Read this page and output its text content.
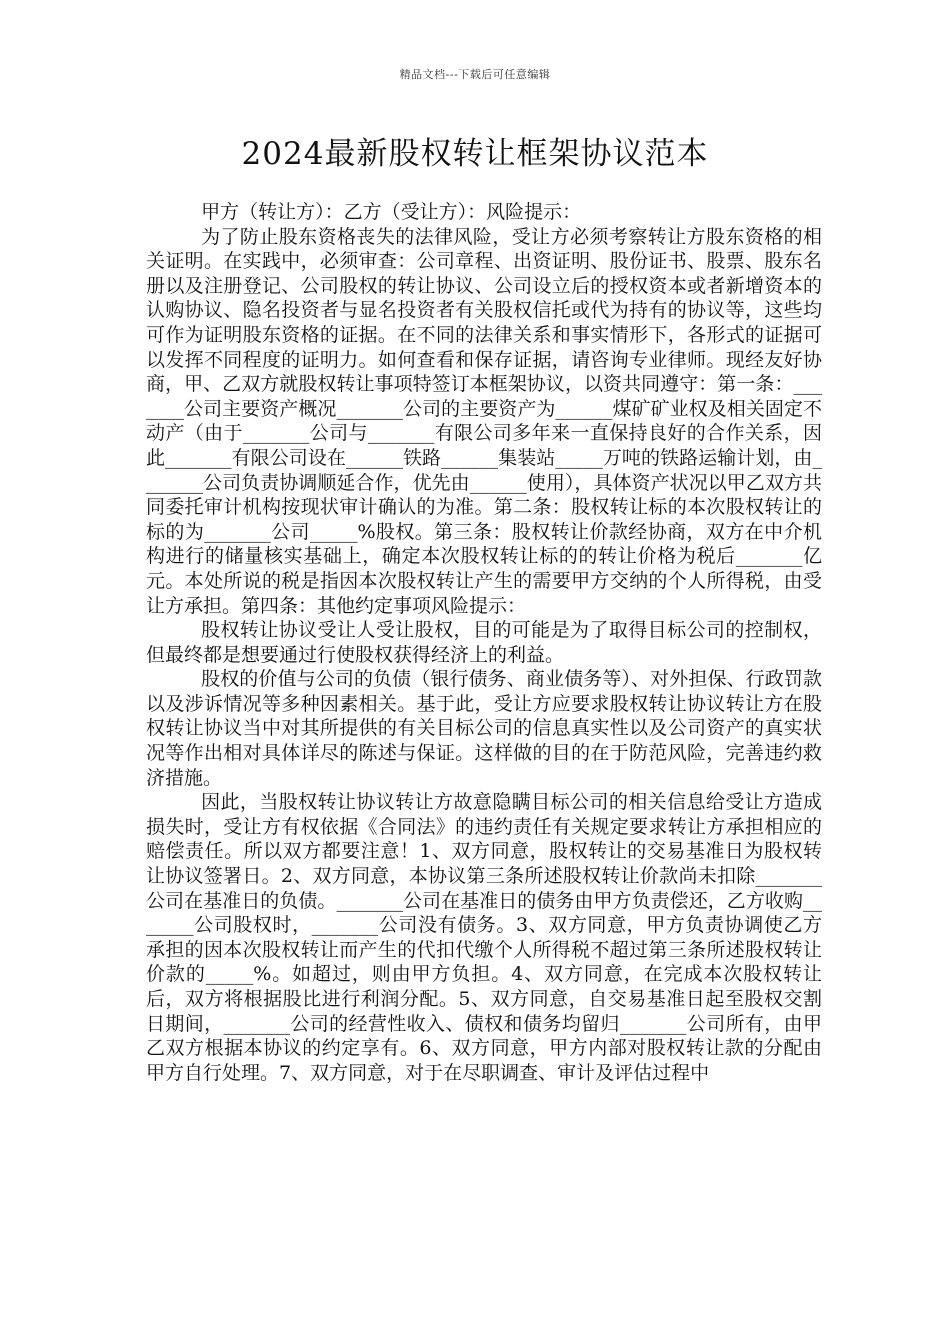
精品文档---下载后可任意编辑
2024最新股权转让框架协议范本

甲方（转让方）：乙方（受让方）：风险提示：

为了防止股东资格丧失的法律风险，受让方必须考察转让方股东资格的相关证明。在实践中，必须审查：公司章程、出资证明、股份证书、股票、股东名册以及注册登记、公司股权的转让协议、公司设立后的授权资本或者新增资本的认购协议、隐名投资者与显名投资者有关股权信托或代为持有的协议等，这些均可作为证明股东资格的证据。在不同的法律关系和事实情形下，各形式的证据可以发挥不同程度的证明力。如何查看和保存证据，请咨询专业律师。现经友好协商，甲、乙双方就股权转让事项特签订本框架协议，以资共同遵守：第一条：_______公司主要资产概况_______公司的主要资产为______煤矿矿业权及相关固定不动产（由于_______公司与_______有限公司多年来一直保持良好的合作关系，因此_______有限公司设在______铁路______集装站_____万吨的铁路运输计划，由_______公司负责协调顺延合作，优先由______使用），具体资产状况以甲乙双方共同委托审计机构按现状审计确认的为准。第二条：股权转让标的本次股权转让的标的为_______公司_____%股权。第三条：股权转让价款经协商，双方在中介机构进行的储量核实基础上，确定本次股权转让标的的转让价格为税后_______亿元。本处所说的税是指因本次股权转让产生的需要甲方交纳的个人所得税，由受让方承担。第四条：其他约定事项风险提示：

股权转让协议受让人受让股权，目的可能是为了取得目标公司的控制权，但最终都是想要通过行使股权获得经济上的利益。

股权的价值与公司的负债（银行债务、商业债务等）、对外担保、行政罚款以及涉诉情况等多种因素相关。基于此，受让方应要求股权转让协议转让方在股权转让协议当中对其所提供的有关目标公司的信息真实性以及公司资产的真实状况等作出相对具体详尽的陈述与保证。这样做的目的在于防范风险，完善违约救济措施。

因此，当股权转让协议转让方故意隐瞒目标公司的相关信息给受让方造成损失时，受让方有权依据《合同法》的违约责任有关规定要求转让方承担相应的赔偿责任。所以双方都要注意！1、双方同意，股权转让的交易基准日为股权转让协议签署日。2、双方同意，本协议第三条所述股权转让价款尚未扣除_______公司在基准日的负债。_______公司在基准日的债务由甲方负责偿还，乙方收购_______公司股权时，_______公司没有债务。3、双方同意，甲方负责协调使乙方承担的因本次股权转让而产生的代扣代缴个人所得税不超过第三条所述股权转让价款的_____%。如超过，则由甲方负担。4、双方同意，在完成本次股权转让后，双方将根据股比进行利润分配。5、双方同意，自交易基准日起至股权交割日期间，_______公司的经营性收入、债权和债务均留归_______公司所有，由甲乙双方根据本协议的约定享有。6、双方同意，甲方内部对股权转让款的分配由甲方自行处理。7、双方同意，对于在尽职调查、审计及评估过程中
